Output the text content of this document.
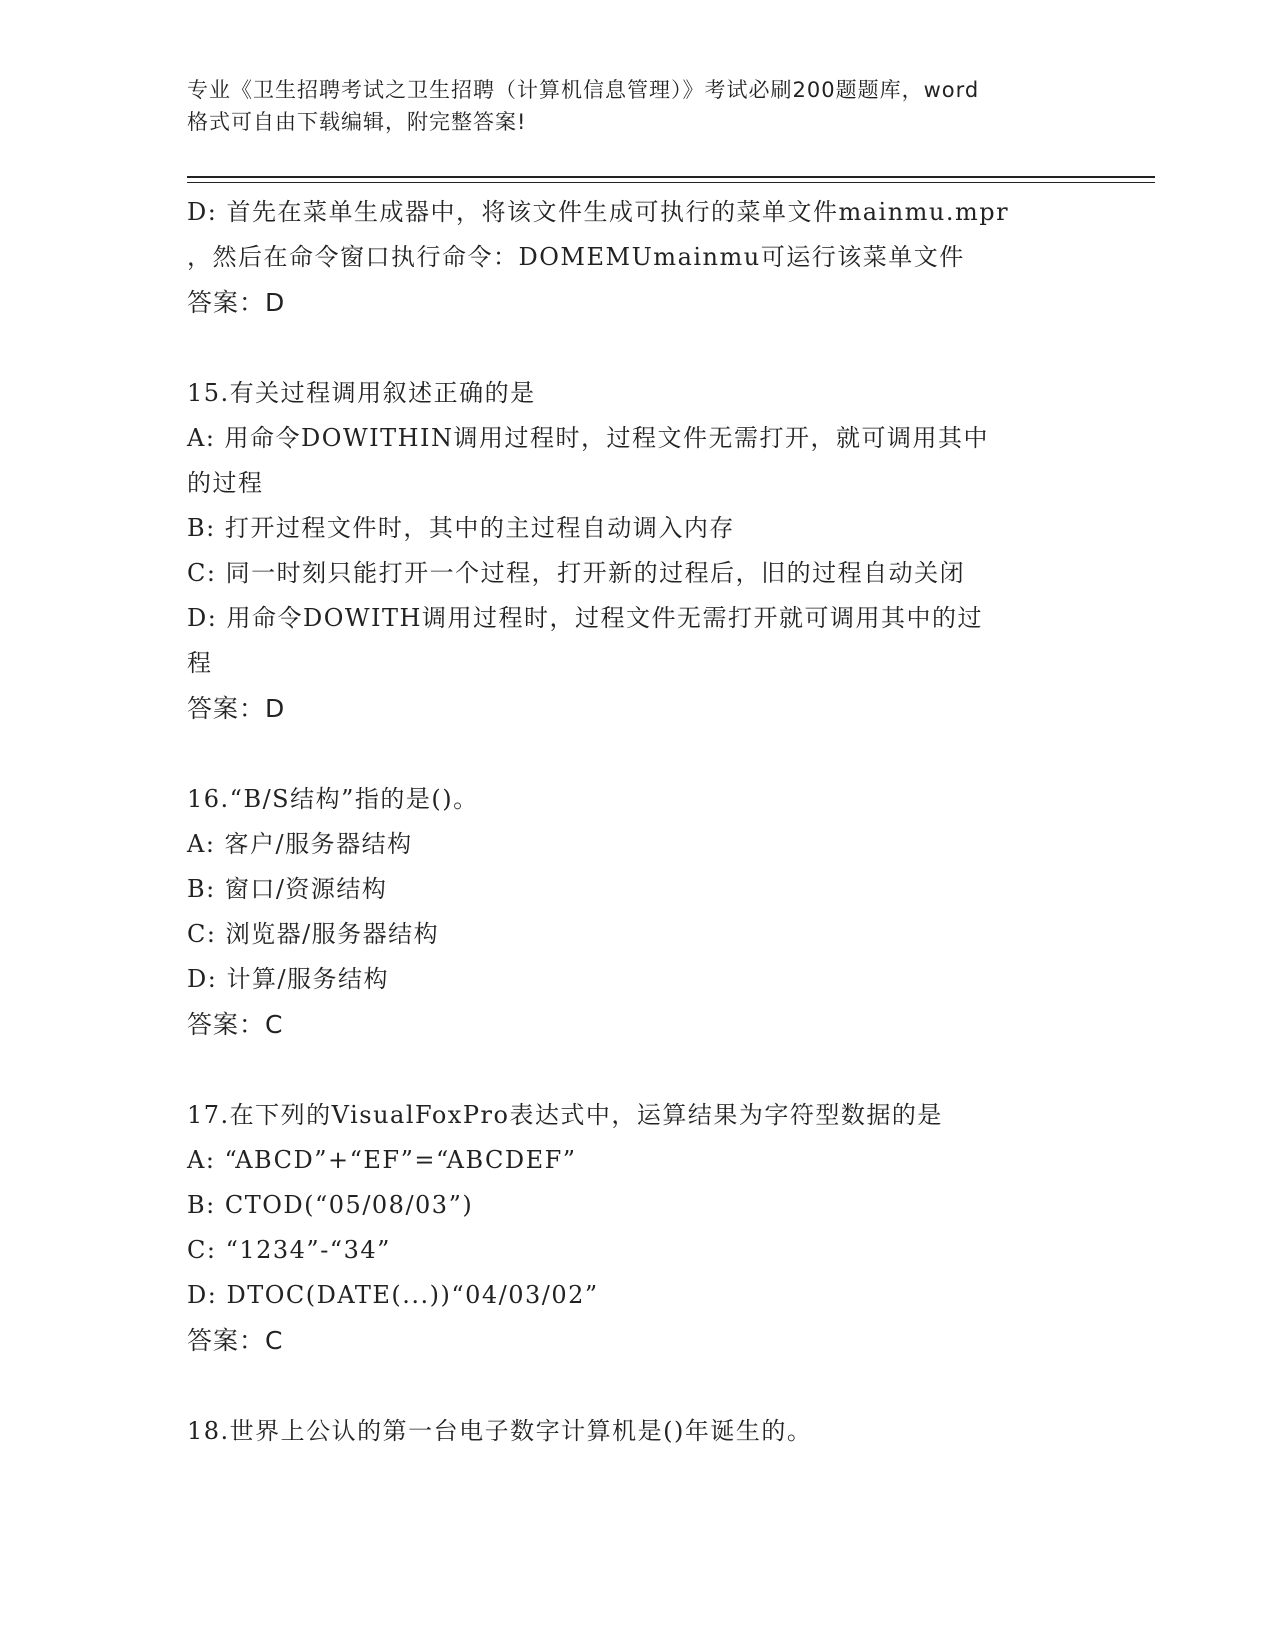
专业《卫生招聘考试之卫生招聘（计算机信息管理）》考试必刷200题题库，word
格式可自由下载编辑，附完整答案!
D: 首先在菜单生成器中，将该文件生成可执行的菜单文件mainmu.mpr
，然后在命令窗口执行命令：DOMEMUmainmu可运行该菜单文件
答案：D
15.有关过程调用叙述正确的是
A: 用命令DOWITHIN调用过程时，过程文件无需打开，就可调用其中
的过程
B: 打开过程文件时，其中的主过程自动调入内存
C: 同一时刻只能打开一个过程，打开新的过程后，旧的过程自动关闭
D: 用命令DOWITH调用过程时，过程文件无需打开就可调用其中的过
程
答案：D
16.“B/S结构”指的是()。
A: 客户/服务器结构
B: 窗口/资源结构
C: 浏览器/服务器结构
D: 计算/服务结构
答案：C
17.在下列的VisualFoxPro表达式中，运算结果为字符型数据的是
A: “ABCD”+“EF”=“ABCDEF”
B: CTOD(“05/08/03”)
C: “1234”-“34”
D: DTOC(DATE(...))“04/03/02”
答案：C
18.世界上公认的第一台电子数字计算机是()年诞生的。
